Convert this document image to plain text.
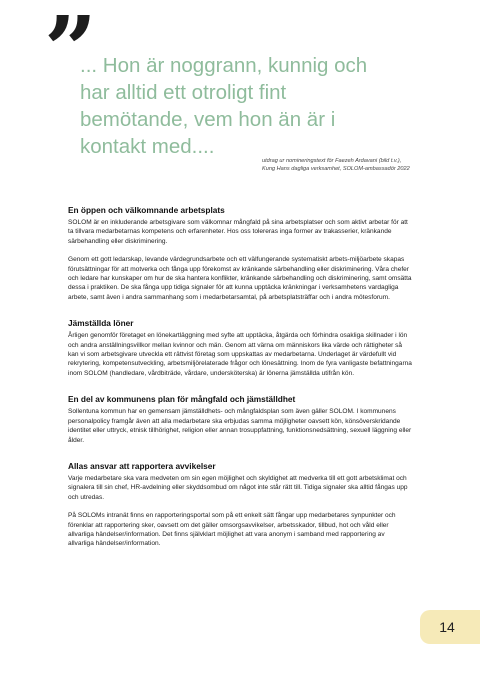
”

... Hon är noggrann, kunnig och har alltid ett otroligt fint bemötande, vem hon än är i kontakt med....

utdrag ur nomineringstext för Faezeh Ardavani (bild t.v.),
Kung Hans dagliga verksamhet, SOLOM-ambassadör 2022

En öppen och välkomnande arbetsplats

SOLOM är en inkluderande arbetsgivare som välkomnar mångfald på sina arbetsplatser och som aktivt arbetar för att ta tillvara medarbetarnas kompetens och erfarenheter. Hos oss tolereras inga former av trakasserier, kränkande särbehandling eller diskriminering.

Genom ett gott ledarskap, levande värdegrundsarbete och ett välfungerande systematiskt arbets-miljöarbete skapas förutsättningar för att motverka och fånga upp förekomst av kränkande särbehandling eller diskriminering. Våra chefer och ledare har kunskaper om hur de ska hantera konflikter, kränkande särbehandling och diskriminering, samt omsätta dessa i praktiken. De ska fånga upp tidiga signaler för att kunna upptäcka kränkningar i verksamhetens vardagliga arbete, samt även i andra sammanhang som i medarbetarsamtal, på arbetsplatsträffar och i andra mötesforum.

Jämställda löner

Årligen genomför företaget en lönekartläggning med syfte att upptäcka, åtgärda och förhindra osakliga skillnader i lön och andra anställningsvillkor mellan kvinnor och män. Genom att värna om människors lika värde och rättigheter så kan vi som arbetsgivare utveckla ett rättvist företag som uppskattas av medarbetarna. Underlaget är värdefullt vid rekrytering, kompetensutveckling, arbetsmiljörelaterade frågor och lönesättning. Inom de fyra vanligaste befattningarna inom SOLOM (handledare, vårdbiträde, vårdare, undersköterska) är lönerna jämställda utifrån kön.

En del av kommunens plan för mångfald och jämställdhet

Sollentuna kommun har en gemensam jämställdhets- och mångfaldsplan som även gäller SOLOM. I kommunens personalpolicy framgår även att alla medarbetare ska erbjudas samma möjligheter oavsett kön, könsöverskridande identitet eller uttryck, etnisk tillhörighet, religion eller annan trosuppfattning, funktionsnedsättning, sexuell läggning eller ålder.

Allas ansvar att rapportera avvikelser

Varje medarbetare ska vara medveten om sin egen möjlighet och skyldighet att medverka till ett gott arbetsklimat och signalera till sin chef, HR-avdelning eller skyddsombud om något inte står rätt till. Tidiga signaler ska alltid fångas upp och utredas.

På SOLOMs intranät finns en rapporteringsportal som på ett enkelt sätt fångar upp medarbetares synpunkter och förenklar att rapportering sker, oavsett om det gäller omsorgsavvikelser, arbetsskador, tillbud, hot och våld eller allvarliga händelser/information. Det finns självklart möjlighet att vara anonym i samband med rapportering av allvarliga händelser/information.

14
